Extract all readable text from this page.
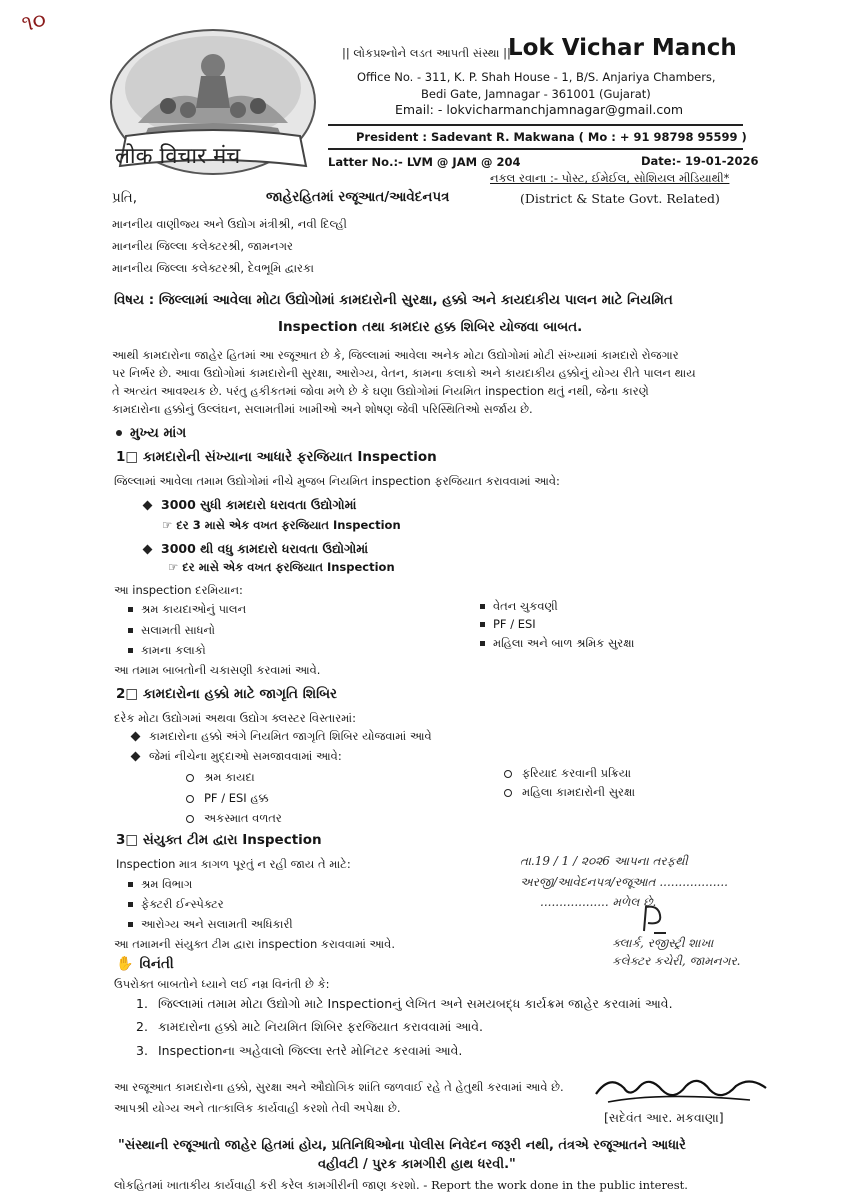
૧૦
लोक विचार मंच
|| લોકપ્રશ્નોને લડત આપતી સંસ્થા ||
Lok Vichar Manch
Office No. - 311, K. P. Shah House - 1, B/S. Anjariya Chambers,
Bedi Gate, Jamnagar - 361001 (Gujarat)
Email: - lokvicharmanchjamnagar@gmail.com
President : Sadevant R. Makwana ( Mo : + 91 98798 95599 )
Latter No.:- LVM @ JAM @ 204	Date:- 19-01-2026
નકલ રવાના :- પોસ્ટ, ઈમેઈલ, સોશિયલ મીડિયાથી*
પ્રતિ,	જાહેરહિતમાં રજૂઆત/આવેદનપત્ર	(District & State Govt. Related)
માનનીય વાણીજ્ય અને ઉદ્યોગ મંત્રીશ્રી, નવી દિલ્હી
માનનીય જિલ્લા કલેક્ટરશ્રી, જામનગર
માનનીય જિલ્લા કલેક્ટરશ્રી, દેવભૂમિ દ્વારકા
વિષય : જિલ્લામાં આવેલા મોટા ઉદ્યોગોમાં કામદારોની સુરક્ષા, હક્કો અને કાયદાકીય પાલન માટે નિયમિત
Inspection તથા કામદાર હક્ક શિબિર યોજવા બાબત.
આથી કામદારોના જાહેર હિતમાં આ રજૂઆત છે કે, જિલ્લામાં આવેલા અનેક મોટા ઉદ્યોગોમાં મોટી સંખ્યામાં કામદારો રોજગાર
પર નિર્ભર છે. આવા ઉદ્યોગોમાં કામદારોની સુરક્ષા, આરોગ્ય, વેતન, કામના કલાકો અને કાયદાકીય હક્કોનું યોગ્ય રીતે પાલન થાય
તે અત્યંત આવશ્યક છે. પરંતુ હકીકતમાં જોવા મળે છે કે ઘણા ઉદ્યોગોમાં નિયમિત inspection થતું નથી, જેના કારણે
કામદારોના હક્કોનું ઉલ્લંઘન, સલામતીમાં ખામીઓ અને શોષણ જેવી પરિસ્થિતિઓ સર્જાય છે.
મુખ્ય માંગ
1□ કામદારોની સંખ્યાના આધારે ફરજિયાત Inspection
જિલ્લામાં આવેલા તમામ ઉદ્યોગોમાં નીચે મુજબ નિયમિત inspection ફરજિયાત કરાવવામાં આવે:
3000 સુધી કામદારો ધરાવતા ઉદ્યોગોમાં
☞ દર 3 માસે એક વખત ફરજિયાત Inspection
3000 થી વધુ કામદારો ધરાવતા ઉદ્યોગોમાં
☞ દર માસે એક વખત ફરજિયાત Inspection
આ inspection દરમિયાન:
શ્રમ કાયદાઓનું પાલન
સલામતી સાધનો
કામના કલાકો
વેતન ચુકવણી
PF / ESI
મહિલા અને બાળ શ્રમિક સુરક્ષા
આ તમામ બાબતોની ચકાસણી કરવામાં આવે.
2□ કામદારોના હક્કો માટે જાગૃતિ શિબિર
દરેક મોટા ઉદ્યોગમાં અથવા ઉદ્યોગ ક્લસ્ટર વિસ્તારમાં:
કામદારોના હક્કો અંગે નિયમિત જાગૃતિ શિબિર યોજવામાં આવે
જેમાં નીચેના મુદ્દાઓ સમજાવવામાં આવે:
શ્રમ કાયદા
PF / ESI હક્ક
અકસ્માત વળતર
ફરિયાદ કરવાની પ્રક્રિયા
મહિલા કામદારોની સુરક્ષા
3□ સંયુક્ત ટીમ દ્વારા Inspection
Inspection માત્ર કાગળ પૂરતું ન રહી જાય તે માટે:
શ્રમ વિભાગ
ફેક્ટરી ઈન્સ્પેક્ટર
આરોગ્ય અને સલામતી અધિકારી
આ તમામની સંયુક્ત ટીમ દ્વારા inspection કરાવવામાં આવે.
✋ વિનંતી
ઉપરોક્ત બાબતોને ધ્યાને લઈ નમ્ર વિનંતી છે કે:
1. જિલ્લામાં તમામ મોટા ઉદ્યોગો માટે Inspectionનું લેખિત અને સમયબદ્ધ કાર્યક્રમ જાહેર કરવામાં આવે.
2. કામદારોના હક્કો માટે નિયમિત શિબિર ફરજિયાત કરાવવામાં આવે.
3. Inspectionના અહેવાલો જિલ્લા સ્તરે મોનિટર કરવામાં આવે.
આ રજૂઆત કામદારોના હક્કો, સુરક્ષા અને ઔદ્યોગિક શાંતિ જળવાઈ રહે તે હેતુથી કરવામાં આવે છે.
આપશ્રી યોગ્ય અને તાત્કાલિક કાર્યવાહી કરશો તેવી અપેક્ષા છે.
[સદેવંત આર. મકવાણા]
તા.19 / 1 / ૨૦૨6 આપના તરફથી
અરજી/આવેદનપત્ર/રજૂઆત ..................
.................. મળેલ છે.
ક્લાર્ક, રજીસ્ટ્રી શાખા
કલેક્ટર કચેરી, જામનગર.
"સંસ્થાની રજૂઆતો જાહેર હિતમાં હોય, પ્રતિનિધિઓના પોલીસ નિવેદન જરૂરી નથી, તંત્રએ રજૂઆતને આધારે
વહીવટી / પુરક કામગીરી હાથ ધરવી."
લોકહિતમાં ખાતાકીય કાર્યવાહી કરી કરેલ કામગીરીની જાણ કરશો. - Report the work done in the public interest.
